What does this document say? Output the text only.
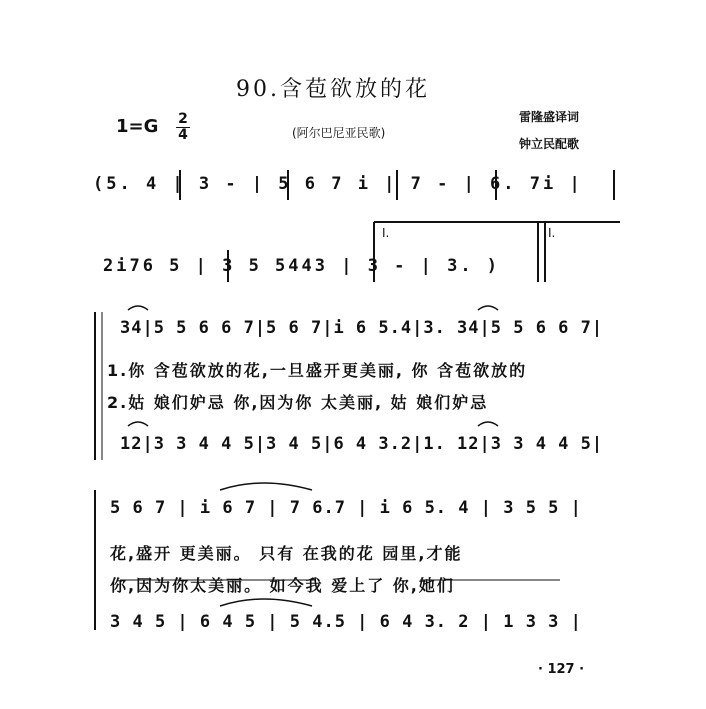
90.含苞欲放的花
$1=G \frac{2}{4}$	(阿尔巴尼亚民歌)
雷隆盛译词
钟立民配歌
(5. 4 | 3 - | 5 6 7 i | 7 - | 6. 7i |
2i76 5 | 3 5 5443 | 3 - | 3. )
I.	I.
34|5 5 6 6 7|5 6 7|i 6 5.4|3. 34|5 5 6 6 7|
1.你 含苞欲放的花,一旦盛开更美丽, 你 含苞欲放的
2.姑 娘们妒忌 你,因为你 太美丽, 姑 娘们妒忌
12|3 3 4 4 5|3 4 5|6 4 3.2|1. 12|3 3 4 4 5|
5 6 7 | i 6 7 | 7 6.7 | i 6 5. 4 | 3 5 5 |
花,盛开 更美丽。 只有 在我的花 园里,才能
你,因为你太美丽。 如今我 爱上了 你,她们
3 4 5 | 6 4 5 | 5 4.5 | 6 4 3. 2 | 1 3 3 |
· 127 ·
